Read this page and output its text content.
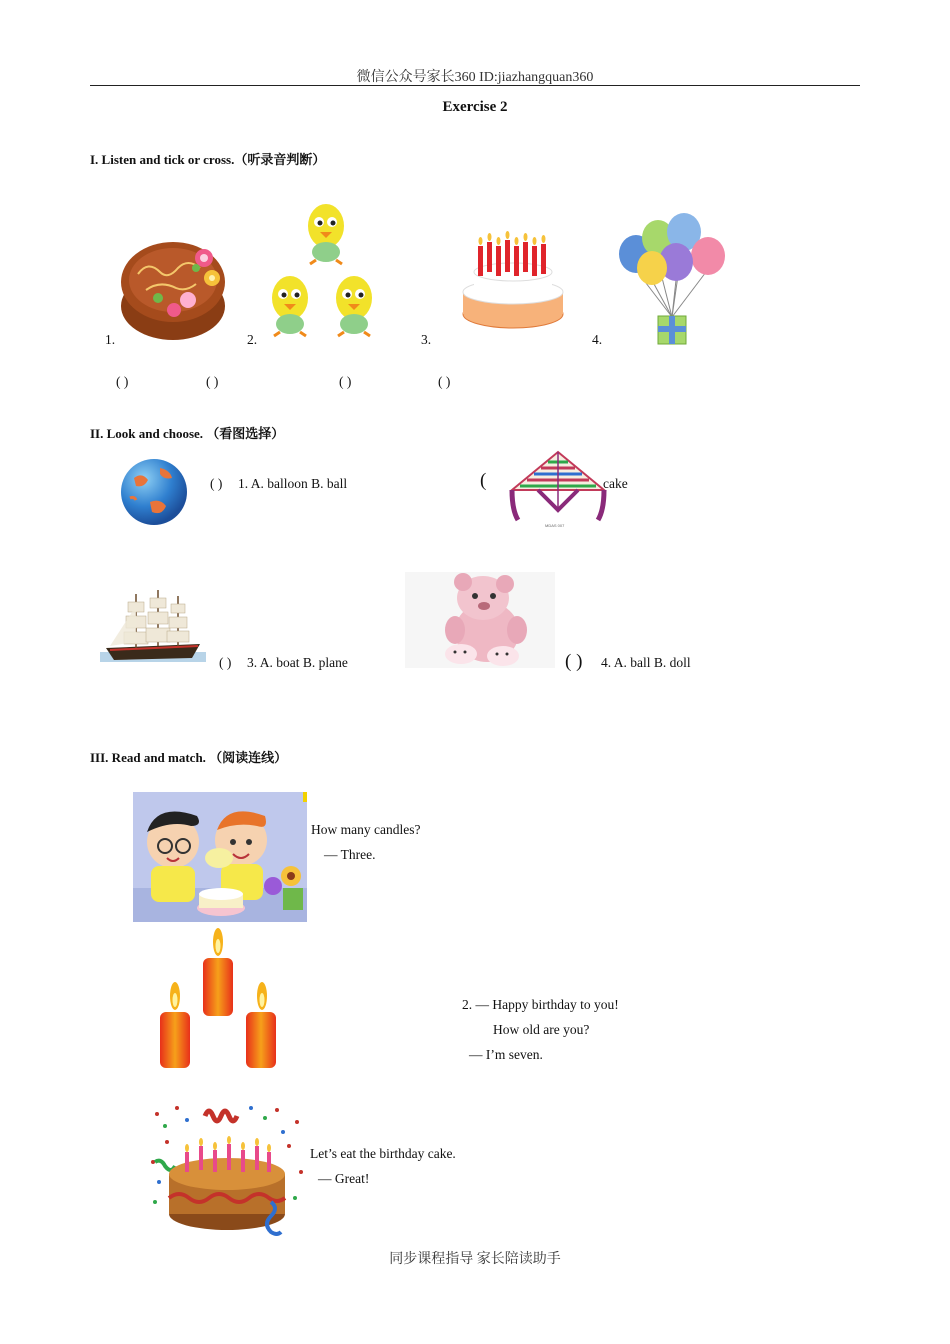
微信公众号家长360 ID:jiazhangquan360
Exercise 2
I. Listen and tick or cross.（听录音判断）
1.	2.	3.	4.
( )	( )	( )	( )
II. Look and choose. （看图选择）
( ) 1. A. balloon B. ball	(	cake
MDAS 007
( ) 3. A. boat B. plane	( ) 4. A. ball B. doll
III. Read and match. （阅读连线）
How many candles?
— Three.
2. — Happy birthday to you!
How old are you?
— I’m seven.
Let’s eat the birthday cake.
— Great!
同步课程指导 家长陪读助手
